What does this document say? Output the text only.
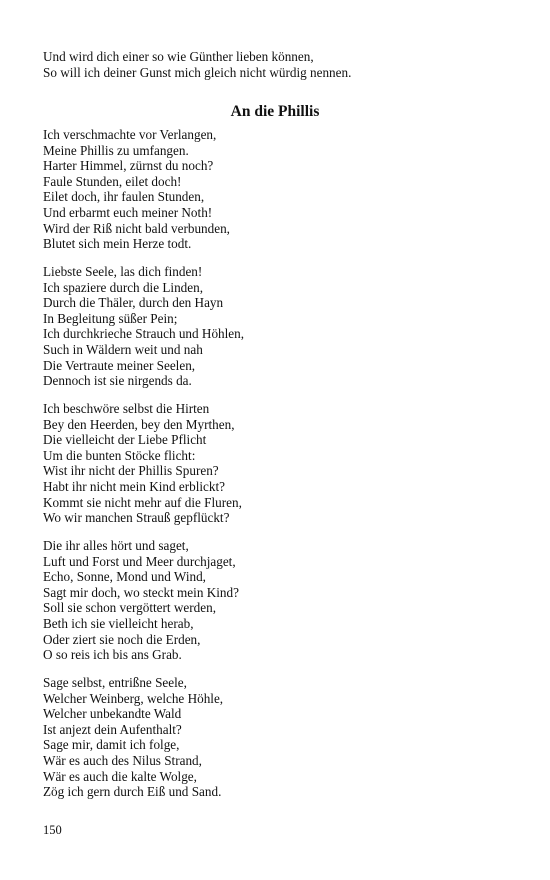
Und wird dich einer so wie Günther lieben können,
So will ich deiner Gunst mich gleich nicht würdig nennen.
An die Phillis
Ich verschmachte vor Verlangen,
Meine Phillis zu umfangen.
Harter Himmel, zürnst du noch?
Faule Stunden, eilet doch!
Eilet doch, ihr faulen Stunden,
Und erbarmt euch meiner Noth!
Wird der Riß nicht bald verbunden,
Blutet sich mein Herze todt.
Liebste Seele, las dich finden!
Ich spaziere durch die Linden,
Durch die Thäler, durch den Hayn
In Begleitung süßer Pein;
Ich durchkrieche Strauch und Höhlen,
Such in Wäldern weit und nah
Die Vertraute meiner Seelen,
Dennoch ist sie nirgends da.
Ich beschwöre selbst die Hirten
Bey den Heerden, bey den Myrthen,
Die vielleicht der Liebe Pflicht
Um die bunten Stöcke flicht:
Wist ihr nicht der Phillis Spuren?
Habt ihr nicht mein Kind erblickt?
Kommt sie nicht mehr auf die Fluren,
Wo wir manchen Strauß gepflückt?
Die ihr alles hört und saget,
Luft und Forst und Meer durchjaget,
Echo, Sonne, Mond und Wind,
Sagt mir doch, wo steckt mein Kind?
Soll sie schon vergöttert werden,
Beth ich sie vielleicht herab,
Oder ziert sie noch die Erden,
O so reis ich bis ans Grab.
Sage selbst, entrißne Seele,
Welcher Weinberg, welche Höhle,
Welcher unbekandte Wald
Ist anjezt dein Aufenthalt?
Sage mir, damit ich folge,
Wär es auch des Nilus Strand,
Wär es auch die kalte Wolge,
Zög ich gern durch Eiß und Sand.
150
